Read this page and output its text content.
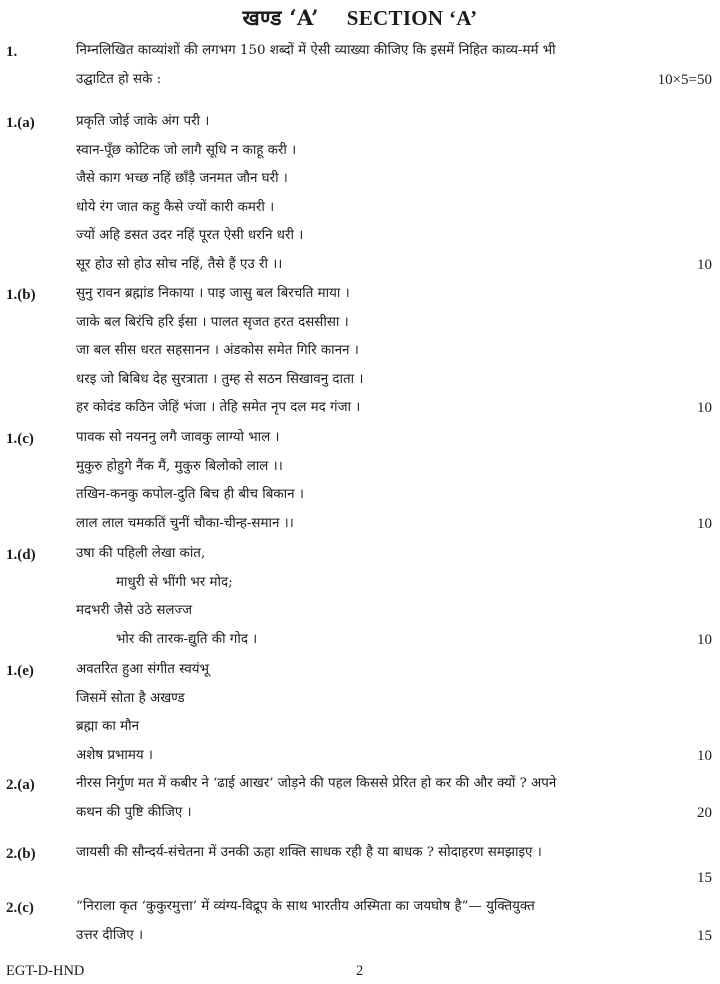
खण्ड ‘A’ SECTION ‘A’
1.	निम्नलिखित काव्यांशों की लगभग 150 शब्दों में ऐसी व्याख्या कीजिए कि इसमें निहित काव्य-मर्म भी
उद्घाटित हो सके :	10×5=50
1.(a)	प्रकृति जोई जाके अंग परी ।
स्वान-पूँछ कोटिक जो लागै सूधि न काहू करी ।
जैसे काग भच्छ नहिं छाँड़ै जनमत जौन घरी ।
धोये रंग जात कहु कैसे ज्यों कारी कमरी ।
ज्यों अहि डसत उदर नहिं पूरत ऐसी धरनि धरी ।
सूर होउ सो होउ सोच नहिं, तैसे हैं एउ री ।।	10
1.(b)	सुनु रावन ब्रह्मांड निकाया । पाइ जासु बल बिरचति माया ।
जाके बल बिरंचि हरि ईसा । पालत सृजत हरत दससीसा ।
जा बल सीस धरत सहसानन । अंडकोस समेत गिरि कानन ।
धरइ जो बिबिध देह सुरत्राता । तुम्ह से सठन सिखावनु दाता ।
हर कोदंड कठिन जेहिं भंजा । तेहि समेत नृप दल मद गंजा ।	10
1.(c)	पावक सो नयननु लगै जावकु लाग्यो भाल ।
मुकुरु होहुगे नैंक मैं, मुकुरु बिलोको लाल ।।
तखिन-कनकु कपोल-दुति बिच ही बीच बिकान ।
लाल लाल चमकतिं चुनीं चौका-चीन्ह-समान ।।	10
1.(d)	उषा की पहिली लेखा कांत,
माधुरी से भींगी भर मोद;
मदभरी जैसे उठे सलज्ज
भोर की तारक-द्युति की गोद ।	10
1.(e)	अवतरित हुआ संगीत स्वयंभू
जिसमें सोता है अखण्ड
ब्रह्मा का मौन
अशेष प्रभामय ।	10
2.(a)	नीरस निर्गुण मत में कबीर ने ‘ढाई आखर’ जोड़ने की पहल किससे प्रेरित हो कर की और क्यों ? अपने
कथन की पुष्टि कीजिए ।	20
2.(b)	जायसी की सौन्दर्य-संचेतना में उनकी ऊहा शक्ति साधक रही है या बाधक ? सोदाहरण समझाइए ।
15
2.(c)	“निराला कृत ‘कुकुरमुत्ता’ में व्यंग्य-विद्रूप के साथ भारतीय अस्मिता का जयघोष है”— युक्तियुक्त
उत्तर दीजिए ।	15
EGT-D-HND	2
